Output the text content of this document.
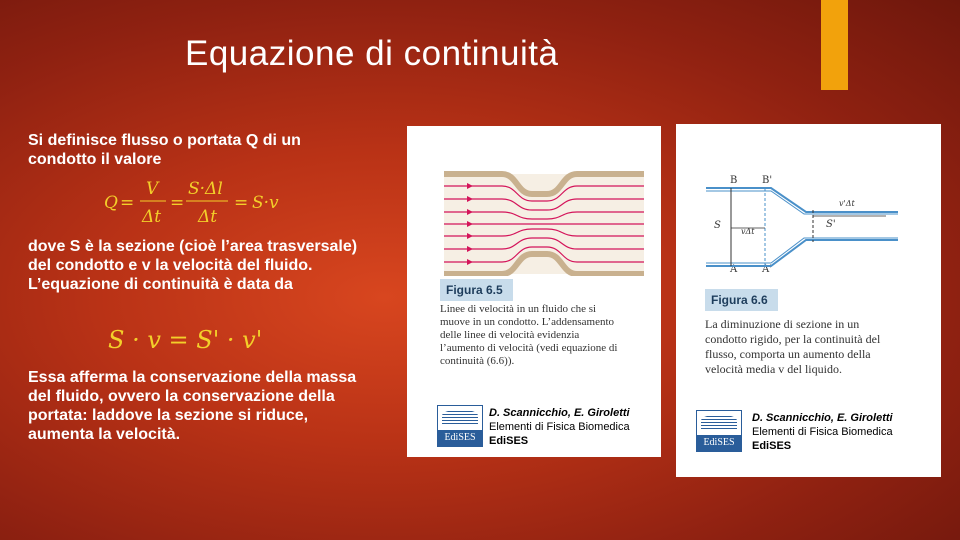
Equazione di continuità
Si definisce flusso o portata Q di un condotto il valore
Q =
V
Δt
=
S·Δl
Δt
= S·v
dove S è la sezione (cioè l’area trasversale) del condotto e v la velocità del fluido.
L’equazione di continuità è data da
S · v = S' · v'
Essa afferma la conservazione della massa del fluido, ovvero la conservazione della portata: laddove la sezione si riduce, aumenta la velocità.
Figura 6.5
Linee di velocità in un fluido che si muove in un condotto. L’addensamento delle linee di velocità evidenzia l’aumento di velocità (vedi equazione di continuità (6.6)).
EdiSES
D. Scannicchio, E. Giroletti
Elementi di Fisica Biomedica
EdiSES
B B'
A A'
S	S'
vΔt
v'Δt
Figura 6.6
La diminuzione di sezione in un condotto rigido, per la continuità del flusso, comporta un aumento della velocità media v del liquido.
EdiSES
D. Scannicchio, E. Giroletti
Elementi di Fisica Biomedica
EdiSES
